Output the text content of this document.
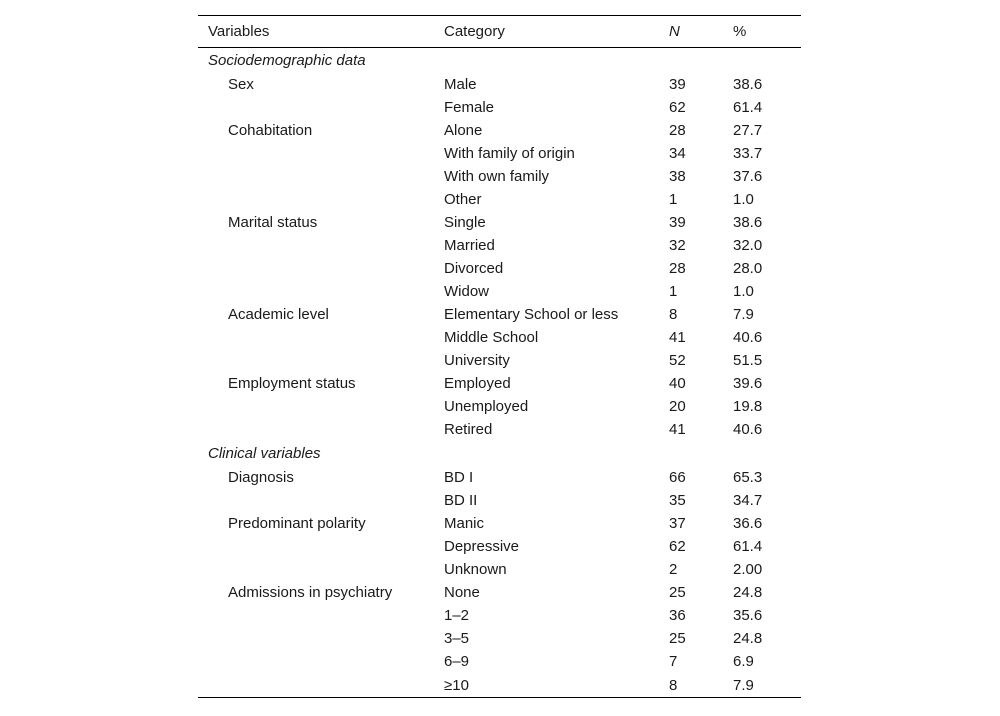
Variables	Category	N	%
Sociodemographic data			
Sex	Male	39	38.6
	Female	62	61.4
Cohabitation	Alone	28	27.7
	With family of origin	34	33.7
	With own family	38	37.6
	Other	1	1.0
Marital status	Single	39	38.6
	Married	32	32.0
	Divorced	28	28.0
	Widow	1	1.0
Academic level	Elementary School or less	8	7.9
	Middle School	41	40.6
	University	52	51.5
Employment status	Employed	40	39.6
	Unemployed	20	19.8
	Retired	41	40.6
Clinical variables			
Diagnosis	BD I	66	65.3
	BD II	35	34.7
Predominant polarity	Manic	37	36.6
	Depressive	62	61.4
	Unknown	2	2.00
Admissions in psychiatry	None	25	24.8
	1–2	36	35.6
	3–5	25	24.8
	6–9	7	6.9
	≥10	8	7.9
